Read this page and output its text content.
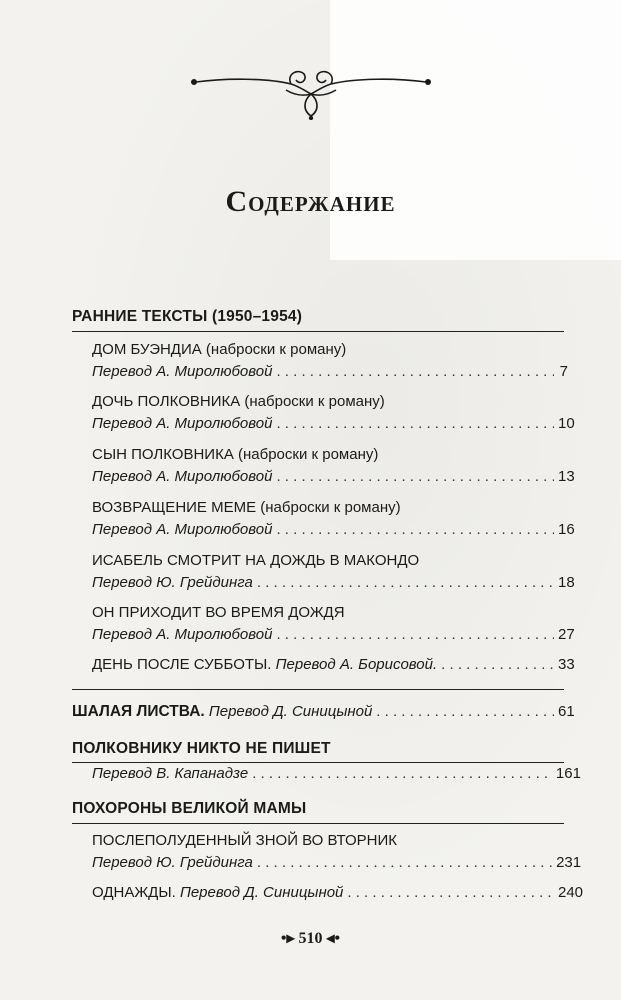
Содержание
РАННИЕ ТЕКСТЫ (1950–1954)
ДОМ БУЭНДИА (наброски к роману)
Перевод А. Миролюбовой . . .	7
ДОЧЬ ПОЛКОВНИКА (наброски к роману)
Перевод А. Миролюбовой . . .	10
СЫН ПОЛКОВНИКА (наброски к роману)
Перевод А. Миролюбовой . . .	13
ВОЗВРАЩЕНИЕ МЕМЕ (наброски к роману)
Перевод А. Миролюбовой . . .	16
ИСАБЕЛЬ СМОТРИТ НА ДОЖДЬ В МАКОНДО
Перевод Ю. Грейдинга . . .	18
ОН ПРИХОДИТ ВО ВРЕМЯ ДОЖДЯ
Перевод А. Миролюбовой . . .	27
ДЕНЬ ПОСЛЕ СУББОТЫ.
Перевод А. Борисовой. . . .	33
ШАЛАЯ ЛИСТВА.
Перевод Д. Синицыной . . .	61
ПОЛКОВНИКУ НИКТО НЕ ПИШЕТ
Перевод В. Капанадзе . . .	161
ПОХОРОНЫ ВЕЛИКОЙ МАМЫ
ПОСЛЕПОЛУДЕННЫЙ ЗНОЙ ВО ВТОРНИК
Перевод Ю. Грейдинга . . .	231
ОДНАЖДЫ.
Перевод Д. Синицыной . . .	240
•▸ 510 ◂•
